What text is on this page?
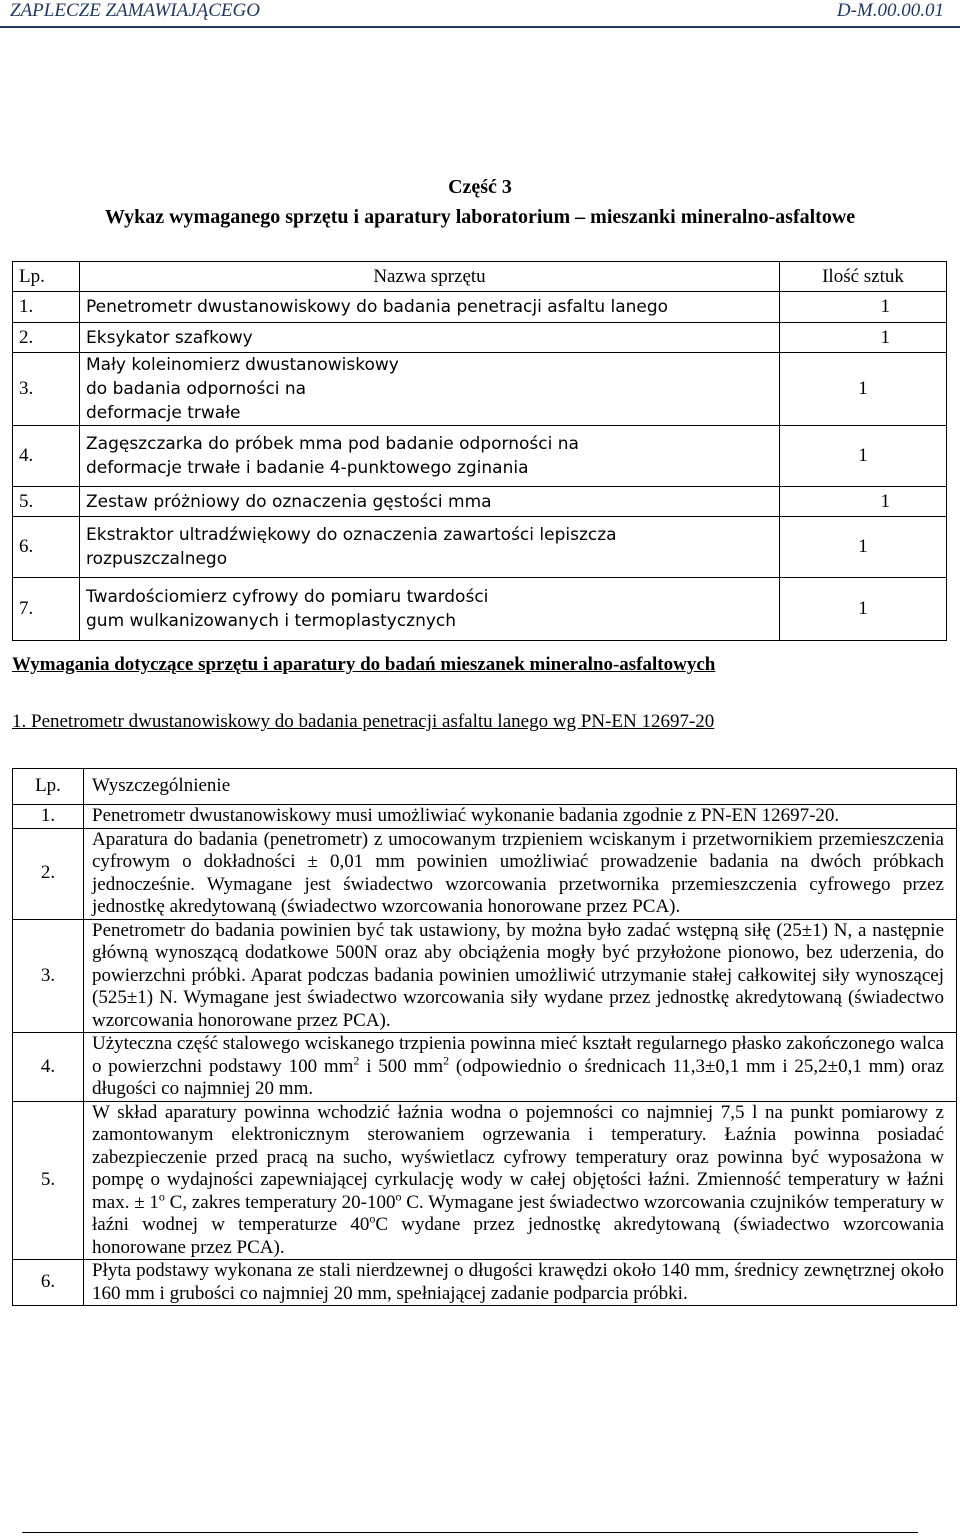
ZAPLECZE ZAMAWIAJĄCEGO	D-M.00.00.01
Część 3
Wykaz wymaganego sprzętu i aparatury laboratorium – mieszanki mineralno-asfaltowe
Lp.	Nazwa sprzętu	Ilość sztuk
1.	Penetrometr dwustanowiskowy do badania penetracji asfaltu lanego	1
2.	Eksykator szafkowy	1
3.	Mały koleinomierz dwustanowiskowy do badania odporności na deformacje trwałe	1
4.	Zagęszczarka do próbek mma pod badanie odporności na deformacje trwałe i badanie 4-punktowego zginania	1
5.	Zestaw próżniowy do oznaczenia gęstości mma	1
6.	Ekstraktor ultradźwiękowy do oznaczenia zawartości lepiszcza rozpuszczalnego	1
7.	Twardościomierz cyfrowy do pomiaru twardości gum wulkanizowanych i termoplastycznych	1
Wymagania dotyczące sprzętu i aparatury do badań mieszanek mineralno-asfaltowych
1. Penetrometr dwustanowiskowy do badania penetracji asfaltu lanego wg PN-EN 12697-20
Lp.	Wyszczególnienie
1.	Penetrometr dwustanowiskowy musi umożliwiać wykonanie badania zgodnie z PN-EN 12697-20.
2.	Aparatura do badania (penetrometr) z umocowanym trzpieniem wciskanym i przetwornikiem przemieszczenia cyfrowym o dokładności ± 0,01 mm powinien umożliwiać prowadzenie badania na dwóch próbkach jednocześnie. Wymagane jest świadectwo wzorcowania przetwornika przemieszczenia cyfrowego przez jednostkę akredytowaną (świadectwo wzorcowania honorowane przez PCA).
3.	Penetrometr do badania powinien być tak ustawiony, by można było zadać wstępną siłę (25±1) N, a następnie główną wynoszącą dodatkowe 500N oraz aby obciążenia mogły być przyłożone pionowo, bez uderzenia, do powierzchni próbki. Aparat podczas badania powinien umożliwić utrzymanie stałej całkowitej siły wynoszącej (525±1) N. Wymagane jest świadectwo wzorcowania siły wydane przez jednostkę akredytowaną (świadectwo wzorcowania honorowane przez PCA).
4.	Użyteczna część stalowego wciskanego trzpienia powinna mieć kształt regularnego płasko zakończonego walca o powierzchni podstawy 100 $mm^2$ i 500 $mm^2$ (odpowiednio o średnicach 11,3±0,1 mm i 25,2±0,1 mm) oraz długości co najmniej 20 mm.
5.	W skład aparatury powinna wchodzić łaźnia wodna o pojemności co najmniej 7,5 l na punkt pomiarowy z zamontowanym elektronicznym sterowaniem ogrzewania i temperatury. Łaźnia powinna posiadać zabezpieczenie przed pracą na sucho, wyświetlacz cyfrowy temperatury oraz powinna być wyposażona w pompę o wydajności zapewniającej cyrkulację wody w całej objętości łaźni. Zmienność temperatury w łaźni max. ± $1^o$ C, zakres temperatury 20-100$^o$ C. Wymagane jest świadectwo wzorcowania czujników temperatury w łaźni wodnej w temperaturze 40$^o$C wydane przez jednostkę akredytowaną (świadectwo wzorcowania honorowane przez PCA).
6.	Płyta podstawy wykonana ze stali nierdzewnej o długości krawędzi około 140 mm, średnicy zewnętrznej około 160 mm i grubości co najmniej 20 mm, spełniającej zadanie podparcia próbki.
